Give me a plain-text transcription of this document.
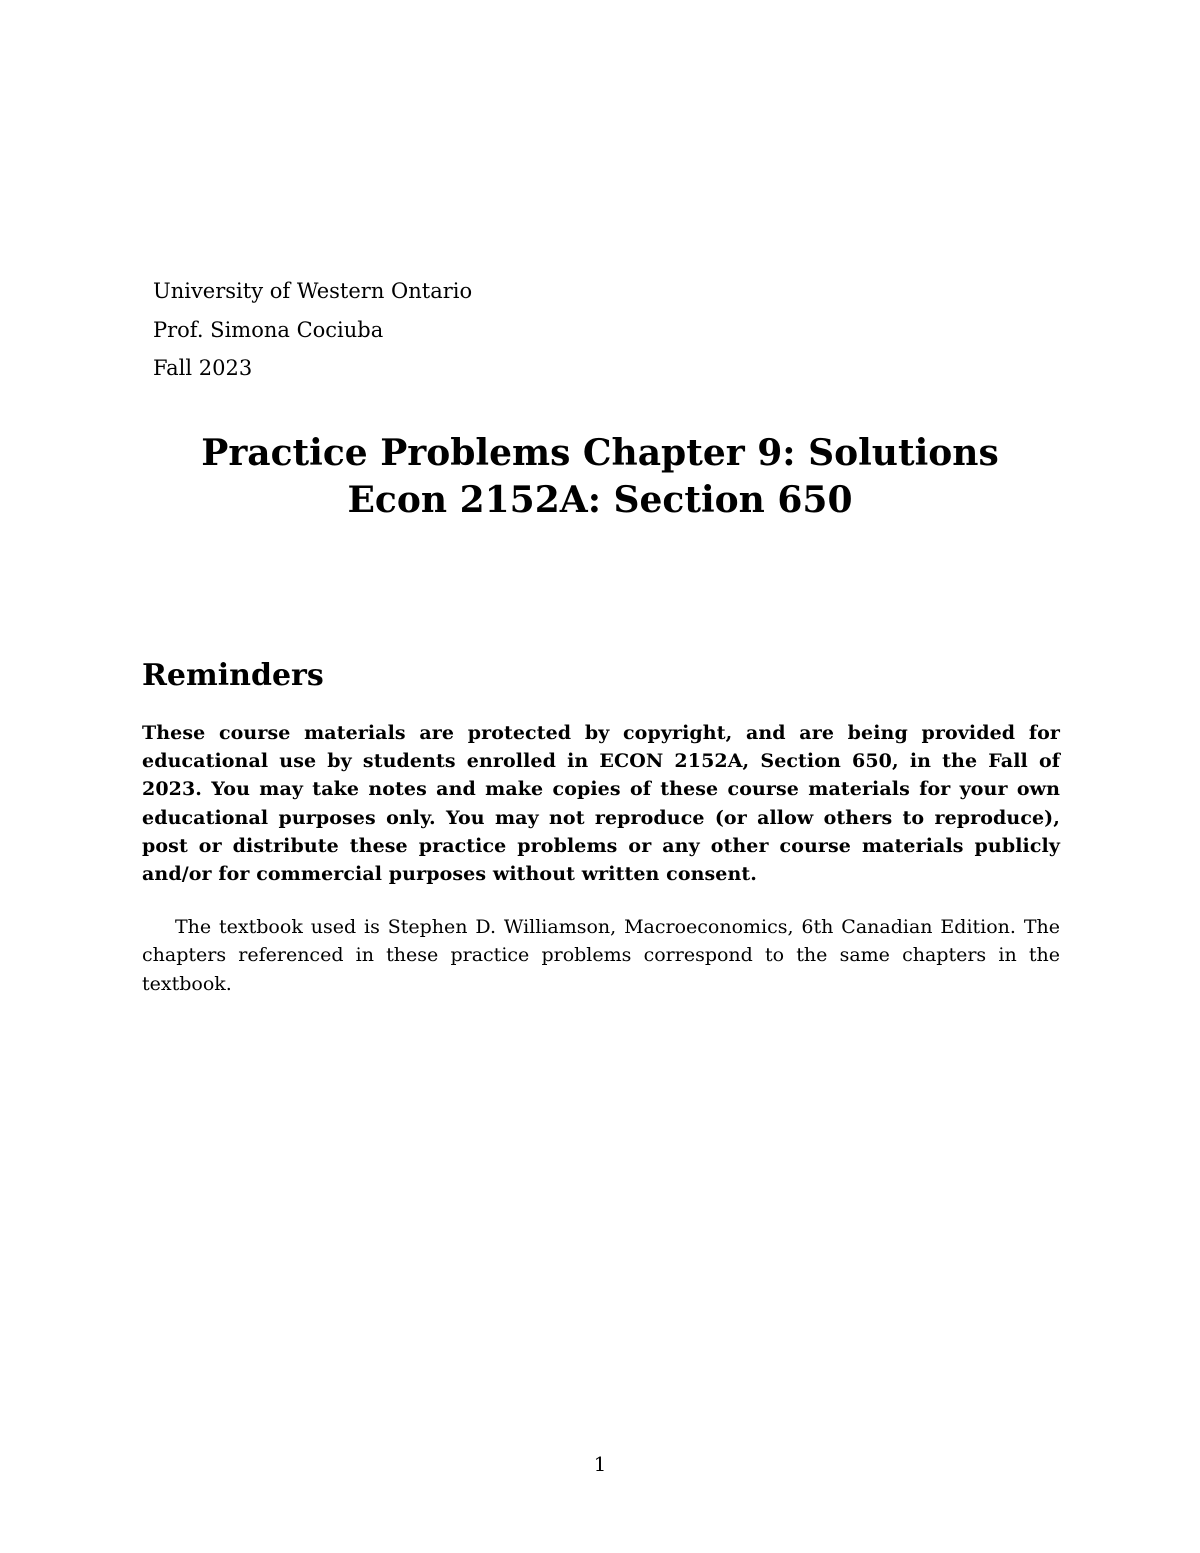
University of Western Ontario
Prof. Simona Cociuba
Fall 2023
Practice Problems Chapter 9: Solutions
Econ 2152A: Section 650
Reminders

These course materials are protected by copyright, and are being provided for educational use by students enrolled in ECON 2152A, Section 650, in the Fall of 2023. You may take notes and make copies of these course materials for your own educational purposes only. You may not reproduce (or allow others to reproduce), post or distribute these practice problems or any other course materials publicly and/or for commercial purposes without written consent.

The textbook used is Stephen D. Williamson, Macroeconomics, 6th Canadian Edition. The chapters referenced in these practice problems correspond to the same chapters in the textbook.

1
